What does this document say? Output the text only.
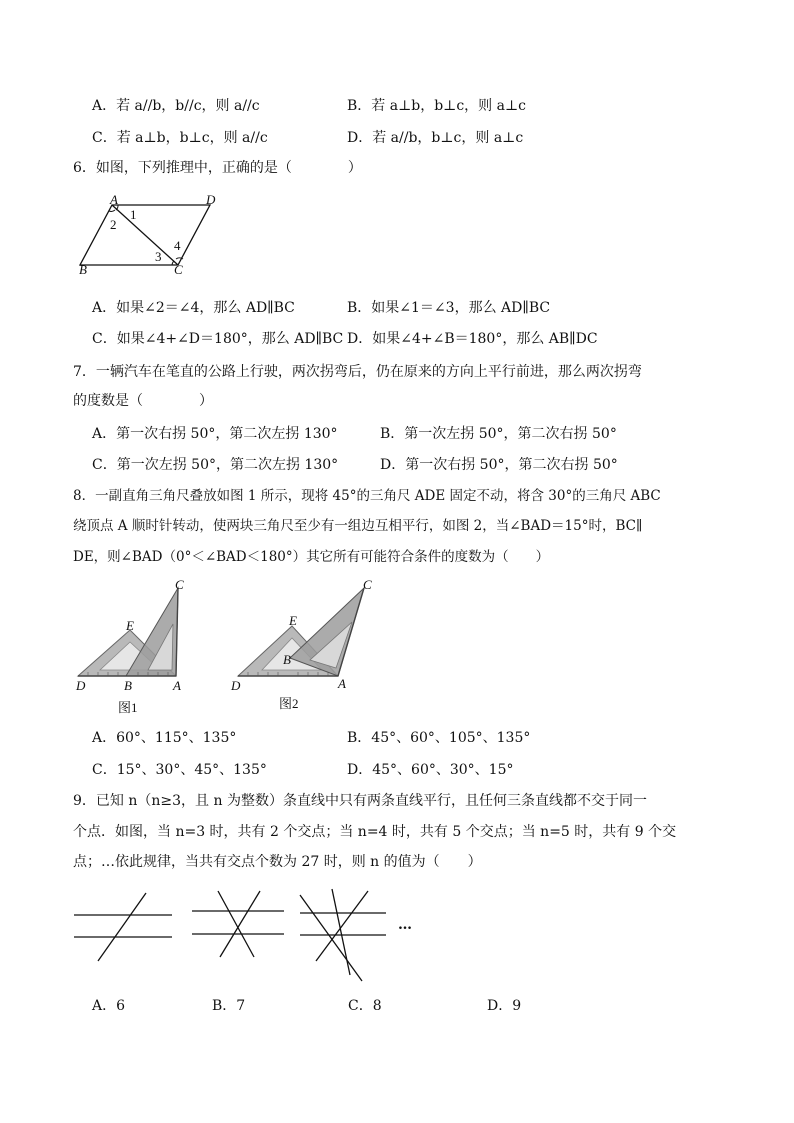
A．若 a//b，b//c，则 a//c	B．若 a⊥b，b⊥c，则 a⊥c
C．若 a⊥b，b⊥c，则 a//c	D．若 a//b，b⊥c，则 a⊥c
6．如图，下列推理中，正确的是（　　　　）
A	D
B	C
1
2
3
4
A．如果∠2＝∠4，那么 AD∥BC	B．如果∠1＝∠3，那么 AD∥BC
C．如果∠4+∠D＝180°，那么 AD∥BC D．如果∠4+∠B＝180°，那么 AB∥DC
7．一辆汽车在笔直的公路上行驶，两次拐弯后，仍在原来的方向上平行前进，那么两次拐弯
的度数是（　　　　）
A．第一次右拐 50°，第二次左拐 130°	B．第一次左拐 50°，第二次右拐 50°
C．第一次左拐 50°，第二次左拐 130°	D．第一次右拐 50°，第二次右拐 50°
8．一副直角三角尺叠放如图 1 所示，现将 45°的三角尺 ADE 固定不动，将含 30°的三角尺 ABC
绕顶点 A 顺时针转动，使两块三角尺至少有一组边互相平行，如图 2，当∠BAD＝15°时，BC∥
DE，则∠BAD（0°＜∠BAD＜180°）其它所有可能符合条件的度数为（　　）
C
E
D	B	A
图1
C
E
B
D	A
图2
A．60°、115°、135°	B．45°、60°、105°、135°
C．15°、30°、45°、135°	D．45°、60°、30°、15°
9．已知 n（n≥3，且 n 为整数）条直线中只有两条直线平行，且任何三条直线都不交于同一
个点．如图，当 n=3 时，共有 2 个交点；当 n=4 时，共有 5 个交点；当 n=5 时，共有 9 个交
点；…依此规律，当共有交点个数为 27 时，则 n 的值为（　　）
…
A．6	B．7	C．8	D．9
